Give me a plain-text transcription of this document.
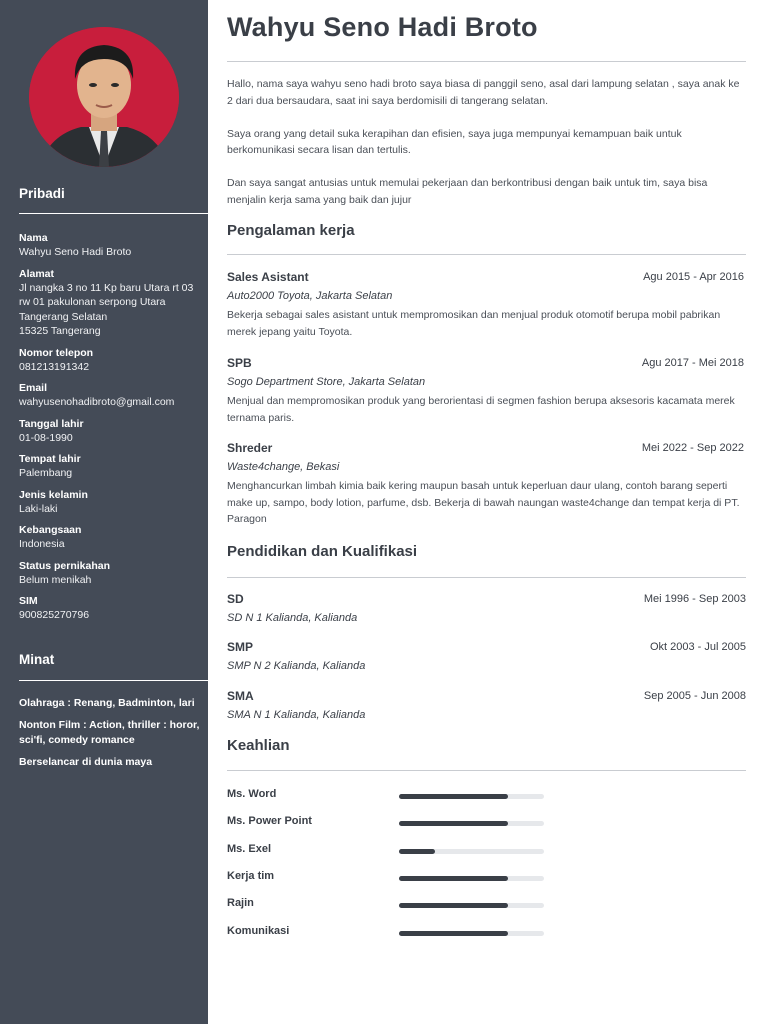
Pribadi
Nama
Wahyu Seno Hadi Broto
Alamat
Jl nangka 3 no 11 Kp baru Utara rt 03
rw 01 pakulonan serpong Utara
Tangerang Selatan
15325 Tangerang
Nomor telepon
081213191342
Email
wahyusenohadibroto@gmail.com
Tanggal lahir
01-08-1990
Tempat lahir
Palembang
Jenis kelamin
Laki-laki
Kebangsaan
Indonesia
Status pernikahan
Belum menikah
SIM
900825270796
Minat
Olahraga : Renang, Badminton, lari
Nonton Film : Action, thriller : horor, sci'fi, comedy romance
Berselancar di dunia maya
Wahyu Seno Hadi Broto

Hallo, nama saya wahyu seno hadi broto saya biasa di panggil seno, asal dari lampung selatan , saya anak ke 2 dari dua bersaudara, saat ini saya berdomisili di tangerang selatan.

Saya orang yang detail suka kerapihan dan efisien, saya juga mempunyai kemampuan baik untuk berkomunikasi secara lisan dan tertulis.

Dan saya sangat antusias untuk memulai pekerjaan dan berkontribusi dengan baik untuk tim, saya bisa menjalin kerja sama yang baik dan jujur

Pengalaman kerja
Sales Asistant	Agu 2015 - Apr 2016
Auto2000 Toyota, Jakarta Selatan
Bekerja sebagai sales asistant untuk mempromosikan dan menjual produk otomotif berupa mobil pabrikan merek jepang yaitu Toyota.
SPB	Agu 2017 - Mei 2018
Sogo Department Store, Jakarta Selatan
Menjual dan mempromosikan produk yang berorientasi di segmen fashion berupa aksesoris kacamata merek ternama paris.
Shreder	Mei 2022 - Sep 2022
Waste4change, Bekasi
Menghancurkan limbah kimia baik kering maupun basah untuk keperluan daur ulang, contoh barang seperti make up, sampo, body lotion, parfume, dsb. Bekerja di bawah naungan waste4change dan tempat kerja di PT. Paragon
Pendidikan dan Kualifikasi
SD	Mei 1996 - Sep 2003
SD N 1 Kalianda, Kalianda
SMP	Okt 2003 - Jul 2005
SMP N 2 Kalianda, Kalianda
SMA	Sep 2005 - Jun 2008
SMA N 1 Kalianda, Kalianda
Keahlian
Ms. Word
Ms. Power Point
Ms. Exel
Kerja tim
Rajin
Komunikasi
